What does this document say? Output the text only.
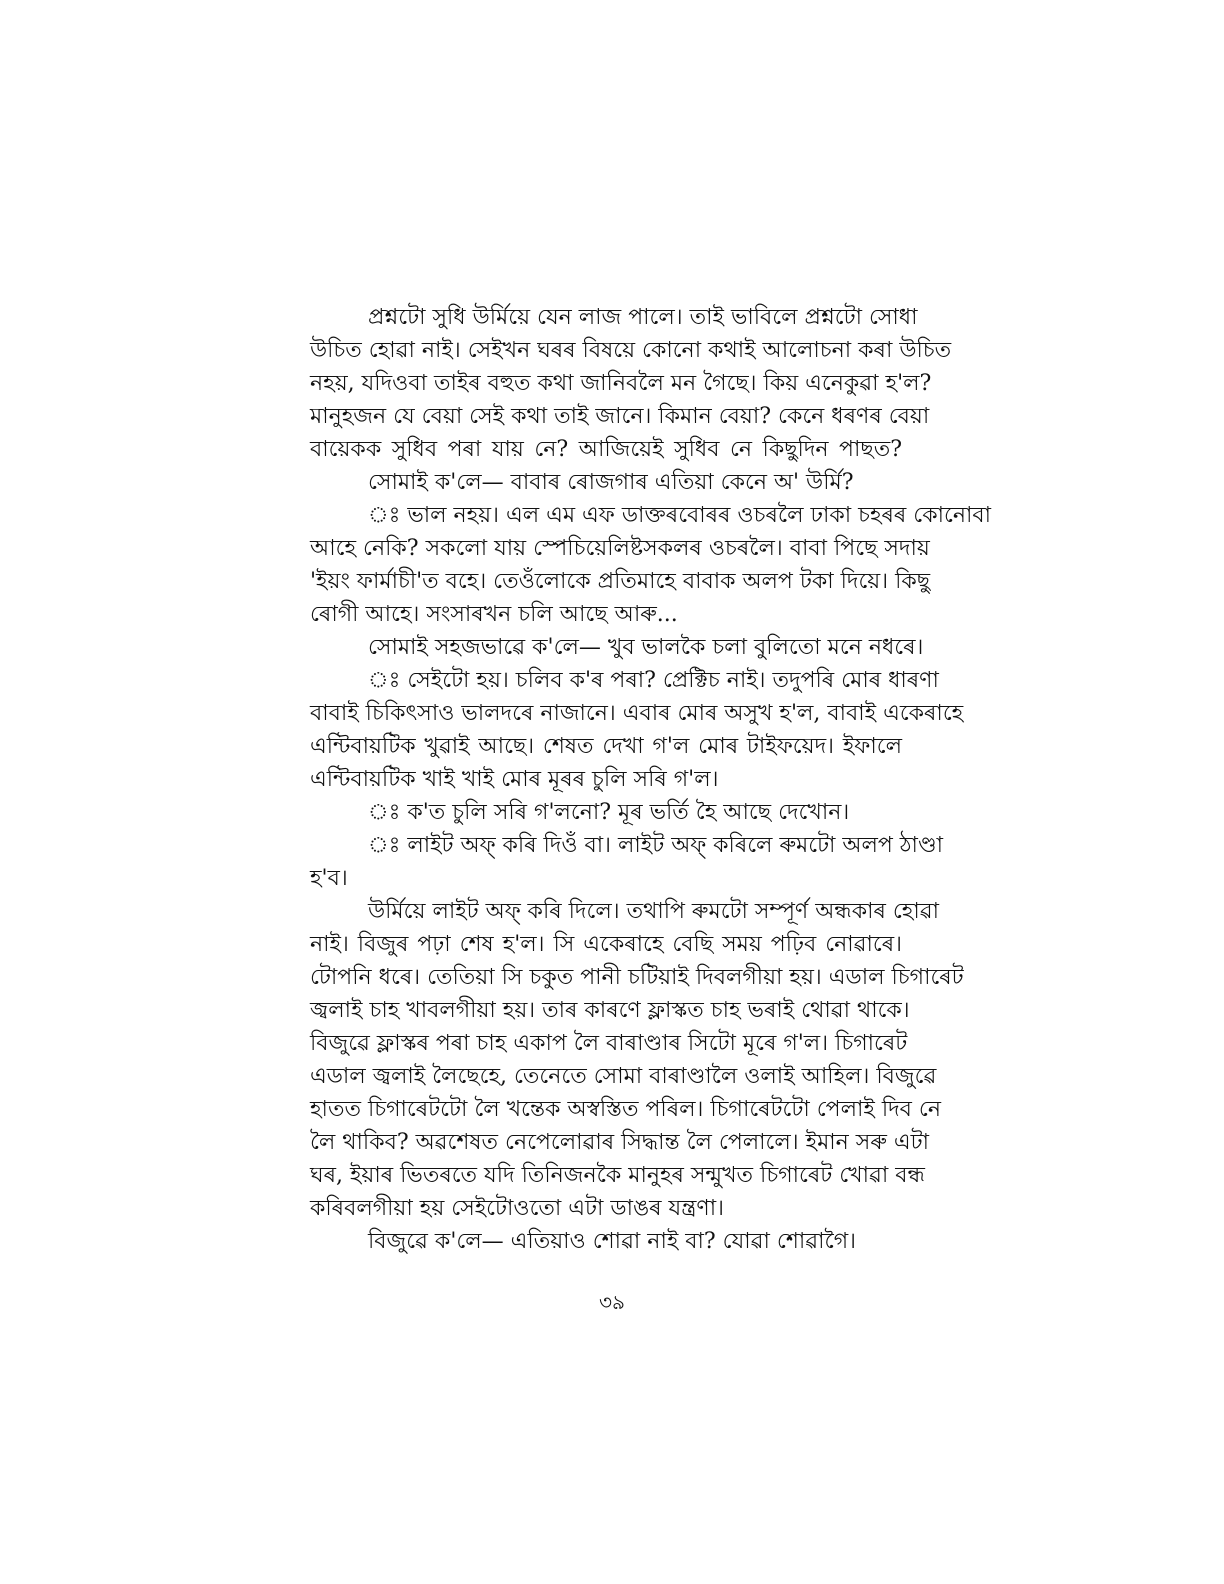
প্রশ্নটো সুধি উর্মিয়ে যেন লাজ পালে। তাই ভাবিলে প্রশ্নটো সোধা
উচিত হোৱা নাই। সেইখন ঘৰৰ বিষয়ে কোনো কথাই আলোচনা কৰা উচিত
নহয়, যদিওবা তাইৰ বহুত কথা জানিবলৈ মন গৈছে। কিয় এনেকুৱা হ'ল?
মানুহজন যে বেয়া সেই কথা তাই জানে। কিমান বেয়া? কেনে ধৰণৰ বেয়া
বায়েকক সুধিব পৰা যায় নে? আজিয়েই সুধিব নে কিছুদিন পাছত?
সোমাই ক'লে— বাবাৰ ৰোজগাৰ এতিয়া কেনে অ' উৰ্মি?
ঃ ভাল নহয়। এল এম এফ ডাক্তৰবোৰৰ ওচৰলৈ ঢাকা চহৰৰ কোনোবা
আহে নেকি? সকলো যায় স্পেচিয়েলিষ্টসকলৰ ওচৰলৈ। বাবা পিছে সদায়
'ইয়ং ফাৰ্মাচী'ত বহে। তেওঁলোকে প্ৰতিমাহে বাবাক অলপ টকা দিয়ে। কিছু
ৰোগী আহে। সংসাৰখন চলি আছে আৰু...
সোমাই সহজভাৱে ক'লে— খুব ভালকৈ চলা বুলিতো মনে নধৰে।
ঃ সেইটো হয়। চলিব ক'ৰ পৰা? প্ৰেক্টিচ নাই। তদুপৰি মোৰ ধাৰণা
বাবাই চিকিৎসাও ভালদৰে নাজানে। এবাৰ মোৰ অসুখ হ'ল, বাবাই একেৰাহে
এন্টিবায়টিক খুৱাই আছে। শেষত দেখা গ'ল মোৰ টাইফয়েদ। ইফালে
এন্টিবায়টিক খাই খাই মোৰ মূৰৰ চুলি সৰি গ'ল।
ঃ ক'ত চুলি সৰি গ'লনো? মূৰ ভৰ্তি হৈ আছে দেখোন।
ঃ লাইট অফ্ কৰি দিওঁ বা। লাইট অফ্ কৰিলে ৰুমটো অলপ ঠাণ্ডা
হ'ব।
উৰ্মিয়ে লাইট অফ্ কৰি দিলে। তথাপি ৰুমটো সম্পূৰ্ণ অন্ধকাৰ হোৱা
নাই। বিজুৰ পঢ়া শেষ হ'ল। সি একেৰাহে বেছি সময় পঢ়িব নোৱাৰে।
টোপনি ধৰে। তেতিয়া সি চকুত পানী চটিয়াই দিবলগীয়া হয়। এডাল চিগাৰেট
জ্বলাই চাহ খাবলগীয়া হয়। তাৰ কাৰণে ফ্লাস্কত চাহ ভৰাই থোৱা থাকে।
বিজুৱে ফ্লাস্কৰ পৰা চাহ একাপ লৈ বাৰাণ্ডাৰ সিটো মূৰে গ'ল। চিগাৰেট
এডাল জ্বলাই লৈছেহে, তেনেতে সোমা বাৰাণ্ডালৈ ওলাই আহিল। বিজুৱে
হাতত চিগাৰেটটো লৈ খন্তেক অস্বস্তিত পৰিল। চিগাৰেটটো পেলাই দিব নে
লৈ থাকিব? অৱশেষত নেপেলোৱাৰ সিদ্ধান্ত লৈ পেলালে। ইমান সৰু এটা
ঘৰ, ইয়াৰ ভিতৰতে যদি তিনিজনকৈ মানুহৰ সন্মুখত চিগাৰেট খোৱা বন্ধ
কৰিবলগীয়া হয় সেইটোওতো এটা ডাঙৰ যন্ত্ৰণা।
বিজুৱে ক'লে— এতিয়াও শোৱা নাই বা? যোৱা শোৱাগৈ।
৩৯
